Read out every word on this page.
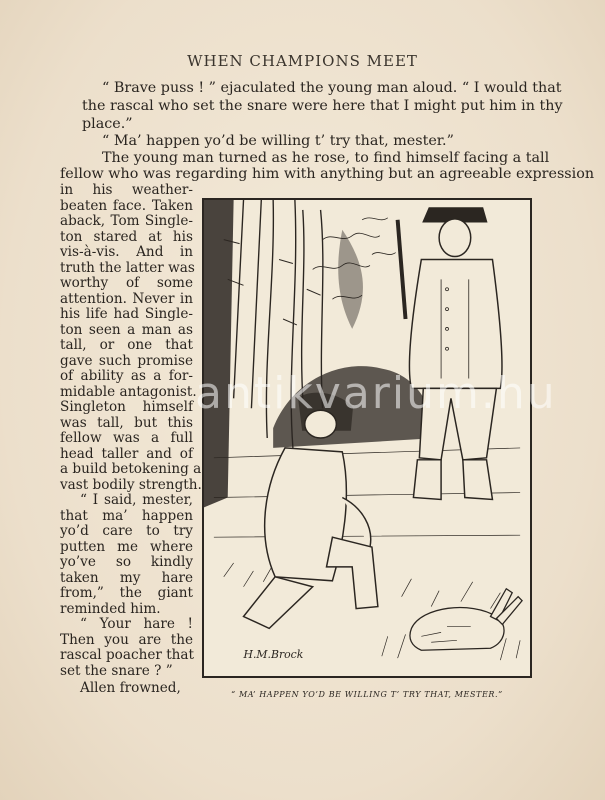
WHEN CHAMPIONS MEET
“ Brave puss ! ” ejaculated the young man aloud. “ I would that
the rascal who set the snare were here that I might put him in thy
place.”
“ Ma’ happen yo’d be willing t’ try that, mester.”
The young man turned as he rose, to find himself facing a tall
fellow who was regarding him with anything but an agreeable expression
in his weather-
beaten face. Taken
aback, Tom Single-
ton stared at his
vis-à-vis. And in
truth the latter was
worthy of some
attention. Never in
his life had Single-
ton seen a man as
tall, or one that
gave such promise
of ability as a for-
midable antagonist.
Singleton himself
was tall, but this
fellow was a full
head taller and of
a build betokening a
vast bodily strength.
“ I said, mester,
that ma’ happen
yo’d care to try
putten me where
yo’ve so kindly
taken my hare
from,” the giant
reminded him.
“ Your hare !
Then you are the
rascal poacher that
set the snare ? ”
H.M.Brock
“ MA’ HAPPEN YO’D BE WILLING T’ TRY THAT, MESTER.”
antikvarium.hu
Allen frowned,
